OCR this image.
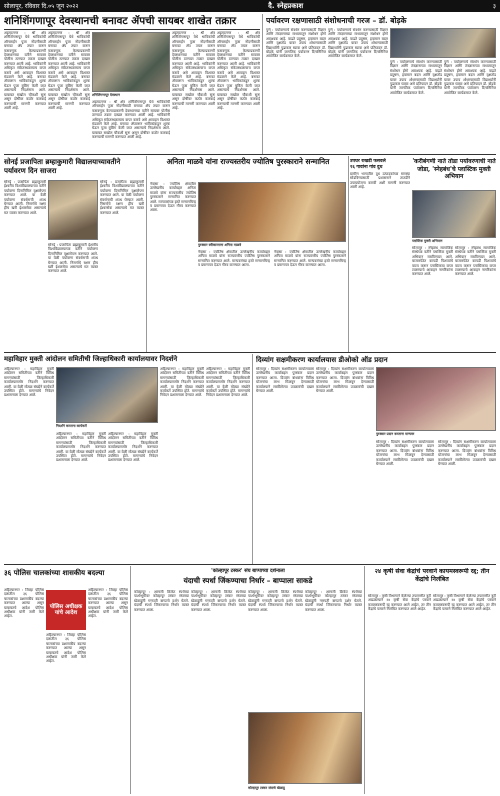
सोलापूर, रविवार दि.०५ जून २०२२	दै. स्नेहप्रकाश	३
शनिशिंगणापूर देवस्थानची बनावट ॲपची सायबर शाखेत तक्रार
अहमदनगर : श्री क्षेत्र शनिशिंगणापूर येथे भाविकांची ऑनलाईन पूजा नोंदणीसाठी बनावट ॲप तयार करून फसवणूक केल्याप्रकरणी देवस्थानच्या वतीने सायबर पोलीस ठाण्यात तक्रार दाखल करण्यात आली आहे. भाविकांनी अधिकृत संकेतस्थळाचाच वापर करावे असे आवाहन विश्वस्त मंडळाने केले आहे. बनावट ॲपवरून भाविकांकडून शुल्क घेऊन पूजा बुकिंग केली जात असल्याचे निदर्शनास आले. याबाबत सखोल चौकशी सुरू असून दोषींवर कठोर कारवाई करण्याची मागणी करण्यात आली आहे.
अहमदनगर : श्री क्षेत्र शनिशिंगणापूर येथे भाविकांची ऑनलाईन पूजा नोंदणीसाठी बनावट ॲप तयार करून फसवणूक केल्याप्रकरणी देवस्थानच्या वतीने सायबर पोलीस ठाण्यात तक्रार दाखल करण्यात आली आहे. भाविकांनी अधिकृत संकेतस्थळाचाच वापर करावे असे आवाहन विश्वस्त मंडळाने केले आहे. बनावट ॲपवरून भाविकांकडून शुल्क घेऊन पूजा बुकिंग केली जात असल्याचे निदर्शनास आले. याबाबत सखोल चौकशी सुरू असून दोषींवर कठोर कारवाई करण्याची मागणी करण्यात आली आहे.
शनिशिंगणापूर देवस्थान
अहमदनगर : श्री क्षेत्र शनिशिंगणापूर येथे भाविकांची ऑनलाईन पूजा नोंदणीसाठी बनावट ॲप तयार करून फसवणूक केल्याप्रकरणी देवस्थानच्या वतीने सायबर पोलीस ठाण्यात तक्रार दाखल करण्यात आली आहे. भाविकांनी अधिकृत संकेतस्थळाचाच वापर करावे असे आवाहन विश्वस्त मंडळाने केले आहे. बनावट ॲपवरून भाविकांकडून शुल्क घेऊन पूजा बुकिंग केली जात असल्याचे निदर्शनास आले. याबाबत सखोल चौकशी सुरू असून दोषींवर कठोर कारवाई करण्याची मागणी करण्यात आली आहे.
अहमदनगर : श्री क्षेत्र शनिशिंगणापूर येथे भाविकांची ऑनलाईन पूजा नोंदणीसाठी बनावट ॲप तयार करून फसवणूक केल्याप्रकरणी देवस्थानच्या वतीने सायबर पोलीस ठाण्यात तक्रार दाखल करण्यात आली आहे. भाविकांनी अधिकृत संकेतस्थळाचाच वापर करावे असे आवाहन विश्वस्त मंडळाने केले आहे. बनावट ॲपवरून भाविकांकडून शुल्क घेऊन पूजा बुकिंग केली जात असल्याचे निदर्शनास आले. याबाबत सखोल चौकशी सुरू असून दोषींवर कठोर कारवाई करण्याची मागणी करण्यात आली आहे.
अहमदनगर : श्री क्षेत्र शनिशिंगणापूर येथे भाविकांची ऑनलाईन पूजा नोंदणीसाठी बनावट ॲप तयार करून फसवणूक केल्याप्रकरणी देवस्थानच्या वतीने सायबर पोलीस ठाण्यात तक्रार दाखल करण्यात आली आहे. भाविकांनी अधिकृत संकेतस्थळाचाच वापर करावे असे आवाहन विश्वस्त मंडळाने केले आहे. बनावट ॲपवरून भाविकांकडून शुल्क घेऊन पूजा बुकिंग केली जात असल्याचे निदर्शनास आले. याबाबत सखोल चौकशी सुरू असून दोषींवर कठोर कारवाई करण्याची मागणी करण्यात आली आहे.
पर्यावरण रक्षणासाठी संशोधनाची गरज – डॉ. बोड़के
पुणे : पर्यावरणाचे संवर्धन करण्यासाठी विज्ञान आणि तंत्रज्ञानाच्या माध्यमातून संशोधन होणे आवश्यक आहे. वाढते प्रदूषण, हवामान बदल आणि वृक्षतोड यावर उपाय शोधण्यासाठी विद्यार्थ्यांनी पुढाकार घ्यावा असे प्रतिपादन डॉ. बोड़के यांनी जागतिक पर्यावरण दिनानिमित्त आयोजित कार्यक्रमात केले.
पुणे : पर्यावरणाचे संवर्धन करण्यासाठी विज्ञान आणि तंत्रज्ञानाच्या माध्यमातून संशोधन होणे आवश्यक आहे. वाढते प्रदूषण, हवामान बदल आणि वृक्षतोड यावर उपाय शोधण्यासाठी विद्यार्थ्यांनी पुढाकार घ्यावा असे प्रतिपादन डॉ. बोड़के यांनी जागतिक पर्यावरण दिनानिमित्त आयोजित कार्यक्रमात केले.
पुणे : पर्यावरणाचे संवर्धन करण्यासाठी विज्ञान आणि तंत्रज्ञानाच्या माध्यमातून संशोधन होणे आवश्यक आहे. वाढते प्रदूषण, हवामान बदल आणि वृक्षतोड यावर उपाय शोधण्यासाठी विद्यार्थ्यांनी पुढाकार घ्यावा असे प्रतिपादन डॉ. बोड़के यांनी जागतिक पर्यावरण दिनानिमित्त आयोजित कार्यक्रमात केले.
पुणे : पर्यावरणाचे संवर्धन करण्यासाठी विज्ञान आणि तंत्रज्ञानाच्या माध्यमातून संशोधन होणे आवश्यक आहे. वाढते प्रदूषण, हवामान बदल आणि वृक्षतोड यावर उपाय शोधण्यासाठी विद्यार्थ्यांनी पुढाकार घ्यावा असे प्रतिपादन डॉ. बोड़के यांनी जागतिक पर्यावरण दिनानिमित्त आयोजित कार्यक्रमात केले.
सोनई प्रजापिता ब्रम्हाकुमारी विद्यालयाच्यावतीने पर्यावरण दिन साजरा
सोनई : प्रजापिता ब्रह्माकुमारी ईश्वरीय विश्वविद्यालयाच्या वतीने पर्यावरण दिनानिमित्त वृक्षारोपण करण्यात आले. या वेळी पर्यावरण संवर्धनाची शपथ घेण्यात आली. निसर्गाचे रक्षण हीच खरी ईश्वरसेवा असल्याचे मत व्यक्त करण्यात आले.
सोनई : प्रजापिता ब्रह्माकुमारी ईश्वरीय विश्वविद्यालयाच्या वतीने पर्यावरण दिनानिमित्त वृक्षारोपण करण्यात आले. या वेळी पर्यावरण संवर्धनाची शपथ घेण्यात आली. निसर्गाचे रक्षण हीच खरी ईश्वरसेवा असल्याचे मत व्यक्त करण्यात आले.
सोनई : प्रजापिता ब्रह्माकुमारी ईश्वरीय विश्वविद्यालयाच्या वतीने पर्यावरण दिनानिमित्त वृक्षारोपण करण्यात आले. या वेळी पर्यावरण संवर्धनाची शपथ घेण्यात आली. निसर्गाचे रक्षण हीच खरी ईश्वरसेवा असल्याचे मत व्यक्त करण्यात आले.
अनिता माळवे यांना राज्यस्तरीय ज्योतिष पुरस्काराने सन्मानित
नेवासा : ज्योतिष क्षेत्रातील उल्लेखनीय कार्याबद्दल अनिता माळवे यांना राज्यस्तरीय ज्योतिष पुरस्काराने सन्मानित करण्यात आले. मान्यवरांच्या हस्ते सन्मानचिन्ह व प्रमाणपत्र देऊन गौरव करण्यात आला.
पुरस्कार स्वीकारताना अनिता माळवे
नेवासा : ज्योतिष क्षेत्रातील उल्लेखनीय कार्याबद्दल अनिता माळवे यांना राज्यस्तरीय ज्योतिष पुरस्काराने सन्मानित करण्यात आले. मान्यवरांच्या हस्ते सन्मानचिन्ह व प्रमाणपत्र देऊन गौरव करण्यात आला.
नेवासा : ज्योतिष क्षेत्रातील उल्लेखनीय कार्याबद्दल अनिता माळवे यांना राज्यस्तरीय ज्योतिष पुरस्काराने सन्मानित करण्यात आले. मान्यवरांच्या हस्ते सन्मानचिन्ह व प्रमाणपत्र देऊन गौरव करण्यात आला.
उपघर राखडी फसवले
१६ गावांना गांव दुध
ग्रामीण भागातील दुध उत्पादकांच्या समस्या सोडविण्यासाठी प्रशासनाने तातडीने उपाययोजना करावी अशी मागणी करण्यात आली आहे.
'करीबंगणी नाते तोडा पर्यावरणाची नाते जोडा, 'स्नेहबंध'चे प्लास्टिक मुक्ती अभियान
प्लास्टिक मुक्ती अभियान
सोलापूर : स्नेहबंध सामाजिक संस्थेच्या वतीने प्लास्टिक मुक्ती अभियान राबविण्यात आले. बाजारपेठेत कापडी पिशव्यांचे वाटप करून प्लास्टिकचा वापर टाळण्याचे आवाहन नागरिकांना करण्यात आले.
सोलापूर : स्नेहबंध सामाजिक संस्थेच्या वतीने प्लास्टिक मुक्ती अभियान राबविण्यात आले. बाजारपेठेत कापडी पिशव्यांचे वाटप करून प्लास्टिकचा वापर टाळण्याचे आवाहन नागरिकांना करण्यात आले.
महाविहार मुक्ती आंदोलन समितीची जिल्हाधिकारी कार्यालयावर निदर्शने
अहिल्यानगर : महाविहार मुक्ती आंदोलन समितीच्या वतीने विविध मागण्यांसाठी जिल्हाधिकारी कार्यालयासमोर निदर्शने करण्यात आली. या वेळी मोठ्या संख्येने कार्यकर्ते उपस्थित होते. मागण्यांचे निवेदन प्रशासनाला देण्यात आले.
निदर्शने करताना कार्यकर्ते
अहिल्यानगर : महाविहार मुक्ती आंदोलन समितीच्या वतीने विविध मागण्यांसाठी जिल्हाधिकारी कार्यालयासमोर निदर्शने करण्यात आली. या वेळी मोठ्या संख्येने कार्यकर्ते उपस्थित होते. मागण्यांचे निवेदन प्रशासनाला देण्यात आले.
अहिल्यानगर : महाविहार मुक्ती आंदोलन समितीच्या वतीने विविध मागण्यांसाठी जिल्हाधिकारी कार्यालयासमोर निदर्शने करण्यात आली. या वेळी मोठ्या संख्येने कार्यकर्ते उपस्थित होते. मागण्यांचे निवेदन प्रशासनाला देण्यात आले.
अहिल्यानगर : महाविहार मुक्ती आंदोलन समितीच्या वतीने विविध मागण्यांसाठी जिल्हाधिकारी कार्यालयासमोर निदर्शने करण्यात आली. या वेळी मोठ्या संख्येने कार्यकर्ते उपस्थित होते. मागण्यांचे निवेदन प्रशासनाला देण्यात आले.
अहिल्यानगर : महाविहार मुक्ती आंदोलन समितीच्या वतीने विविध मागण्यांसाठी जिल्हाधिकारी कार्यालयासमोर निदर्शने करण्यात आली. या वेळी मोठ्या संख्येने कार्यकर्ते उपस्थित होते. मागण्यांचे निवेदन प्रशासनाला देण्यात आले.
दिव्यांग सक्षमीकरण कार्यालयास डीओको ऑड प्रदान
सोलापूर : दिव्यांग सक्षमीकरण कार्यालयाला उल्लेखनीय कार्याबद्दल पुरस्कार प्रदान करण्यात आला. दिव्यांग बांधवांना विविध योजनांचा लाभ मिळवून देण्यासाठी कार्यालयाने राबविलेल्या उपक्रमांची दखल घेण्यात आली.
सोलापूर : दिव्यांग सक्षमीकरण कार्यालयाला उल्लेखनीय कार्याबद्दल पुरस्कार प्रदान करण्यात आला. दिव्यांग बांधवांना विविध योजनांचा लाभ मिळवून देण्यासाठी कार्यालयाने राबविलेल्या उपक्रमांची दखल घेण्यात आली.
पुरस्कार प्रदान करताना मान्यवर
सोलापूर : दिव्यांग सक्षमीकरण कार्यालयाला उल्लेखनीय कार्याबद्दल पुरस्कार प्रदान करण्यात आला. दिव्यांग बांधवांना विविध योजनांचा लाभ मिळवून देण्यासाठी कार्यालयाने राबविलेल्या उपक्रमांची दखल घेण्यात आली.
सोलापूर : दिव्यांग सक्षमीकरण कार्यालयाला उल्लेखनीय कार्याबद्दल पुरस्कार प्रदान करण्यात आला. दिव्यांग बांधवांना विविध योजनांचा लाभ मिळवून देण्यासाठी कार्यालयाने राबविलेल्या उपक्रमांची दखल घेण्यात आली.
३६ पोलिस चालकांच्या शासकीय बदल्या
अहिल्यानगर : जिल्हा पोलिस दलातील ३६ पोलिस चालकांच्या प्रशासकीय बदल्या करण्यात आल्या असून याबाबतचे आदेश पोलिस अधीक्षक यांनी जारी केले आहेत.
पोलिस अधीक्षक यांचे आदेश
अहिल्यानगर : जिल्हा पोलिस दलातील ३६ पोलिस चालकांच्या प्रशासकीय बदल्या करण्यात आल्या असून याबाबतचे आदेश पोलिस अधीक्षक यांनी जारी केले आहेत.
अहिल्यानगर : जिल्हा पोलिस दलातील ३६ पोलिस चालकांच्या प्रशासकीय बदल्या करण्यात आल्या असून याबाबतचे आदेश पोलिस अधीक्षक यांनी जारी केले आहेत.
'कोल्हापूर टस्कर' संघ बाप्पाच्या दर्शनाला
यंदाची स्पर्धा जिंकण्याचा निर्धार – बाप्पाला साकडे
कोल्हापूर : आगामी क्रिकेट स्पर्धेच्या पार्श्वभूमीवर कोल्हापूर टस्कर संघाच्या खेळाडूंनी गणपती बाप्पाचे दर्शन घेतले. यंदाची स्पर्धा जिंकण्याचा निर्धार व्यक्त करण्यात आला.
कोल्हापूर : आगामी क्रिकेट स्पर्धेच्या पार्श्वभूमीवर कोल्हापूर टस्कर संघाच्या खेळाडूंनी गणपती बाप्पाचे दर्शन घेतले. यंदाची स्पर्धा जिंकण्याचा निर्धार व्यक्त करण्यात आला.
कोल्हापूर : आगामी क्रिकेट स्पर्धेच्या पार्श्वभूमीवर कोल्हापूर टस्कर संघाच्या खेळाडूंनी गणपती बाप्पाचे दर्शन घेतले. यंदाची स्पर्धा जिंकण्याचा निर्धार व्यक्त करण्यात आला.
कोल्हापूर टस्कर संघाचे खेळाडू
कोल्हापूर : आगामी क्रिकेट स्पर्धेच्या पार्श्वभूमीवर कोल्हापूर टस्कर संघाच्या खेळाडूंनी गणपती बाप्पाचे दर्शन घेतले. यंदाची स्पर्धा जिंकण्याचा निर्धार व्यक्त करण्यात आला.
२४ कृषी सेवा केंद्रांचे परवाने कायमस्वरूपी रद्द; तीन केंद्रांचे निलंबित
सोलापूर : कृषी विभागाने केलेल्या तपासणीत त्रुटी आढळल्याने २४ कृषी सेवा केंद्रांचे परवाने कायमस्वरूपी रद्द करण्यात आले आहेत, तर तीन केंद्रांचे परवाने निलंबित करण्यात आले आहेत.
सोलापूर : कृषी विभागाने केलेल्या तपासणीत त्रुटी आढळल्याने २४ कृषी सेवा केंद्रांचे परवाने कायमस्वरूपी रद्द करण्यात आले आहेत, तर तीन केंद्रांचे परवाने निलंबित करण्यात आले आहेत.
